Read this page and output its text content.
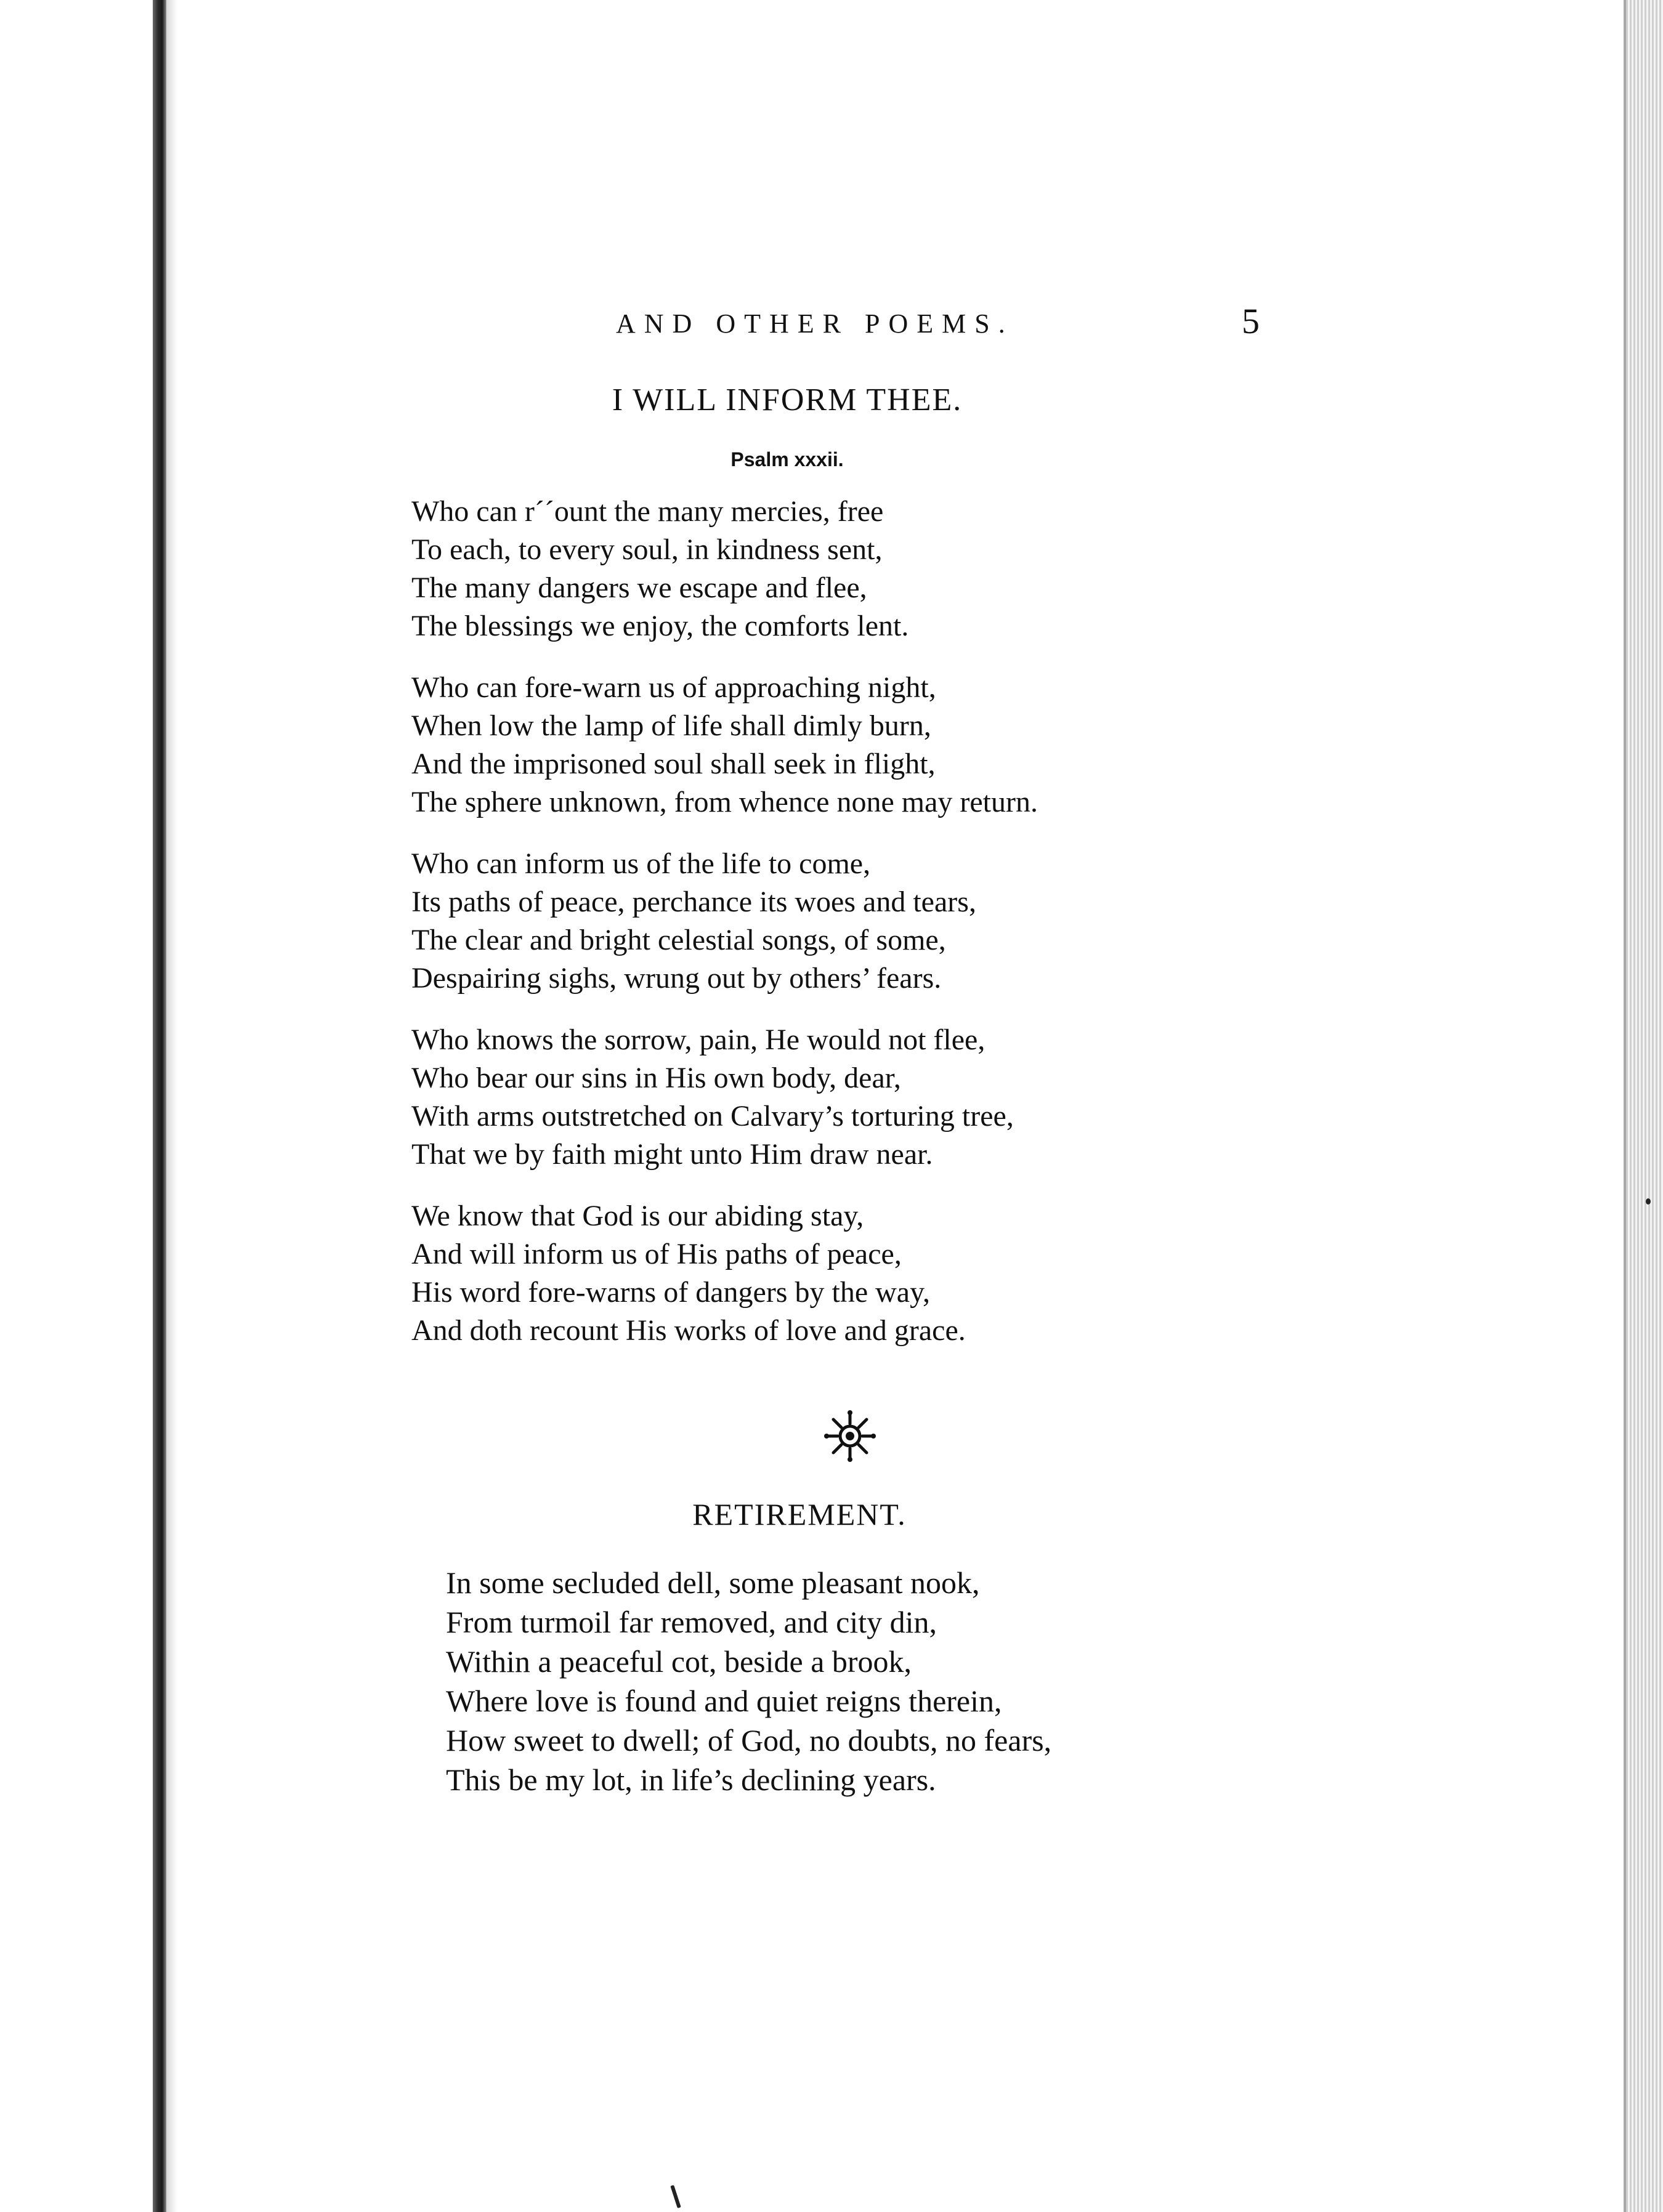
AND OTHER POEMS.	5
I WILL INFORM THEE.
Psalm xxxii.
Who can r´´ount the many mercies, free
To each, to every soul, in kindness sent,
The many dangers we escape and flee,
The blessings we enjoy, the comforts lent.
Who can fore-warn us of approaching night,
When low the lamp of life shall dimly burn,
And the imprisoned soul shall seek in flight,
The sphere unknown, from whence none may return.
Who can inform us of the life to come,
Its paths of peace, perchance its woes and tears,
The clear and bright celestial songs, of some,
Despairing sighs, wrung out by others’ fears.
Who knows the sorrow, pain, He would not flee,
Who bear our sins in His own body, dear,
With arms outstretched on Calvary’s torturing tree,
That we by faith might unto Him draw near.
We know that God is our abiding stay,
And will inform us of His paths of peace,
His word fore-warns of dangers by the way,
And doth recount His works of love and grace.
RETIREMENT.
In some secluded dell, some pleasant nook,
From turmoil far removed, and city din,
Within a peaceful cot, beside a brook,
Where love is found and quiet reigns therein,
How sweet to dwell; of God, no doubts, no fears,
This be my lot, in life’s declining years.
